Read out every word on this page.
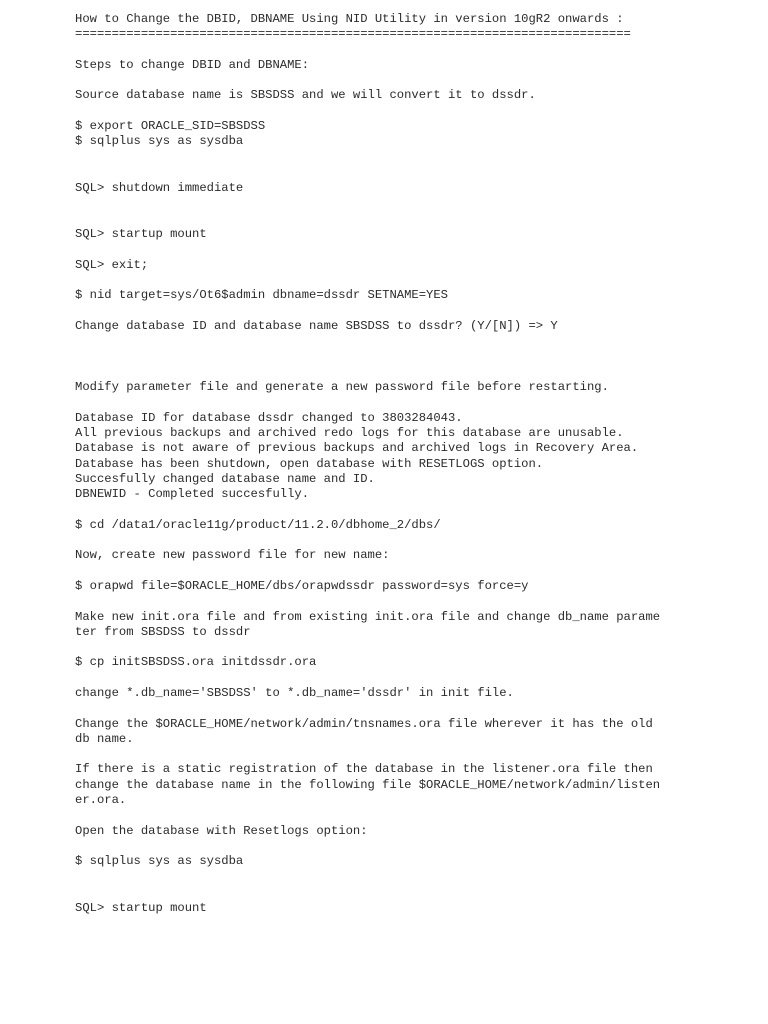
How to Change the DBID, DBNAME Using NID Utility in version 10gR2 onwards :
============================================================================
Steps to change DBID and DBNAME:
Source database name is SBSDSS and we will convert it to dssdr.
$ export ORACLE_SID=SBSDSS
$ sqlplus sys as sysdba
SQL> shutdown immediate
SQL> startup mount
SQL> exit;
$ nid target=sys/Ot6$admin dbname=dssdr SETNAME=YES
Change database ID and database name SBSDSS to dssdr? (Y/[N]) => Y
Modify parameter file and generate a new password file before restarting.
Database ID for database dssdr changed to 3803284043.
All previous backups and archived redo logs for this database are unusable.
Database is not aware of previous backups and archived logs in Recovery Area.
Database has been shutdown, open database with RESETLOGS option.
Succesfully changed database name and ID.
DBNEWID - Completed succesfully.
$ cd /data1/oracle11g/product/11.2.0/dbhome_2/dbs/
Now, create new password file for new name:
$ orapwd file=$ORACLE_HOME/dbs/orapwdssdr password=sys force=y
Make new init.ora file and from existing init.ora file and change db_name parame
ter from SBSDSS to dssdr
$ cp initSBSDSS.ora initdssdr.ora
change *.db_name='SBSDSS' to *.db_name='dssdr' in init file.
Change the $ORACLE_HOME/network/admin/tnsnames.ora file wherever it has the old
db name.
If there is a static registration of the database in the listener.ora file then
change the database name in the following file $ORACLE_HOME/network/admin/listen
er.ora.
Open the database with Resetlogs option:
$ sqlplus sys as sysdba
SQL> startup mount
